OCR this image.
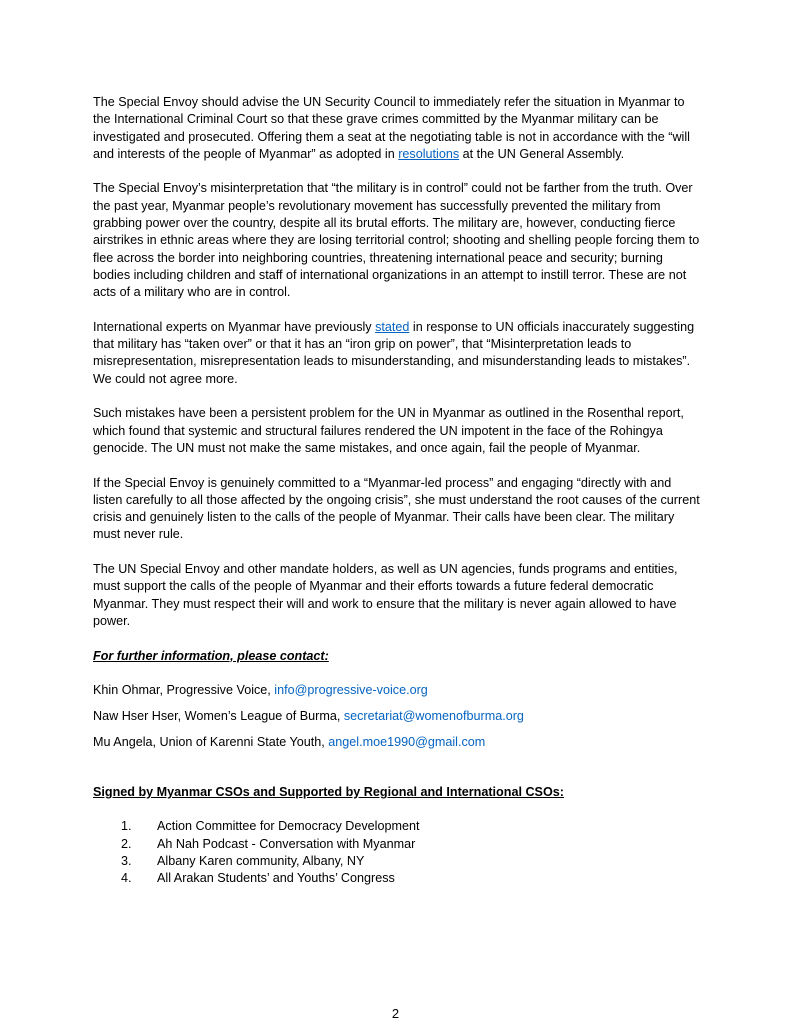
The Special Envoy should advise the UN Security Council to immediately refer the situation in Myanmar to the International Criminal Court so that these grave crimes committed by the Myanmar military can be investigated and prosecuted. Offering them a seat at the negotiating table is not in accordance with the “will and interests of the people of Myanmar” as adopted in resolutions at the UN General Assembly.

The Special Envoy’s misinterpretation that “the military is in control” could not be farther from the truth. Over the past year, Myanmar people’s revolutionary movement has successfully prevented the military from grabbing power over the country, despite all its brutal efforts. The military are, however, conducting fierce airstrikes in ethnic areas where they are losing territorial control; shooting and shelling people forcing them to flee across the border into neighboring countries, threatening international peace and security; burning bodies including children and staff of international organizations in an attempt to instill terror. These are not acts of a military who are in control.

International experts on Myanmar have previously stated in response to UN officials inaccurately suggesting that military has “taken over” or that it has an “iron grip on power”, that “Misinterpretation leads to misrepresentation, misrepresentation leads to misunderstanding, and misunderstanding leads to mistakes”. We could not agree more.

Such mistakes have been a persistent problem for the UN in Myanmar as outlined in the Rosenthal report, which found that systemic and structural failures rendered the UN impotent in the face of the Rohingya genocide. The UN must not make the same mistakes, and once again, fail the people of Myanmar.

If the Special Envoy is genuinely committed to a “Myanmar-led process” and engaging “directly with and listen carefully to all those affected by the ongoing crisis”, she must understand the root causes of the current crisis and genuinely listen to the calls of the people of Myanmar. Their calls have been clear. The military must never rule.

The UN Special Envoy and other mandate holders, as well as UN agencies, funds programs and entities, must support the calls of the people of Myanmar and their efforts towards a future federal democratic Myanmar. They must respect their will and work to ensure that the military is never again allowed to have power.

For further information, please contact:
Khin Ohmar, Progressive Voice, info@progressive-voice.org
Naw Hser Hser, Women’s League of Burma, secretariat@womenofburma.org
Mu Angela, Union of Karenni State Youth, angel.moe1990@gmail.com
Signed by Myanmar CSOs and Supported by Regional and International CSOs:
1.	Action Committee for Democracy Development
2.	Ah Nah Podcast - Conversation with Myanmar
3.	Albany Karen community, Albany, NY
4.	All Arakan Students’ and Youths’ Congress
2
